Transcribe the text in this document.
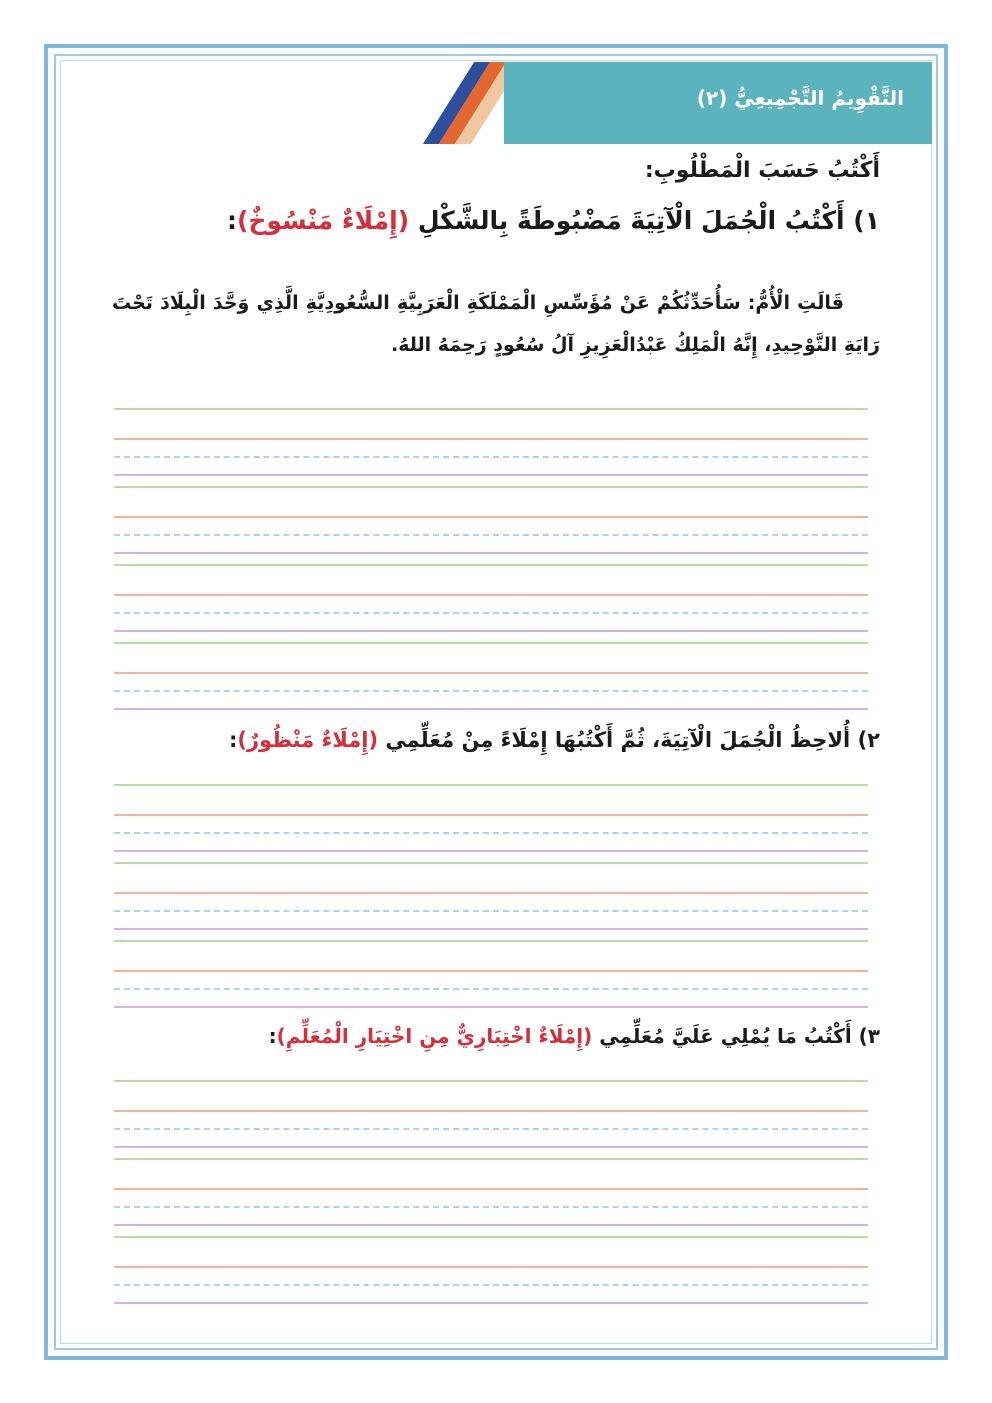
التَّقْوِيمُ التَّجْمِيعِيُّ (٢)
أَكْتُبُ حَسَبَ الْمَطْلُوبِ:
١) أَكْتُبُ الْجُمَلَ الْآتِيَةَ مَضْبُوطَةً بِالشَّكْلِ (إِمْلَاءٌ مَنْسُوخٌ):
قَالَتِ الْأُمُّ: سَأُحَدِّثُكُمْ عَنْ مُؤَسِّسِ الْمَمْلَكَةِ الْعَرَبِيَّةِ السُّعُودِيَّةِ الَّذِي وَحَّدَ الْبِلَادَ تَحْتَ رَايَةِ التَّوْحِيدِ، إِنَّهُ الْمَلِكُ عَبْدُالْعَزِيزِ آلُ سُعُودٍ رَحِمَهُ اللهُ.
٢) أُلاحِظُ الْجُمَلَ الْآتِيَةَ، ثُمَّ أَكْتُبُهَا إِمْلَاءً مِنْ مُعَلِّمِي (إِمْلَاءٌ مَنْظُورٌ):
٣) أَكْتُبُ مَا يُمْلِي عَلَيَّ مُعَلِّمِي (إِمْلَاءٌ اخْتِبَارِيٌّ مِنِ اخْتِيَارِ الْمُعَلِّمِ):
